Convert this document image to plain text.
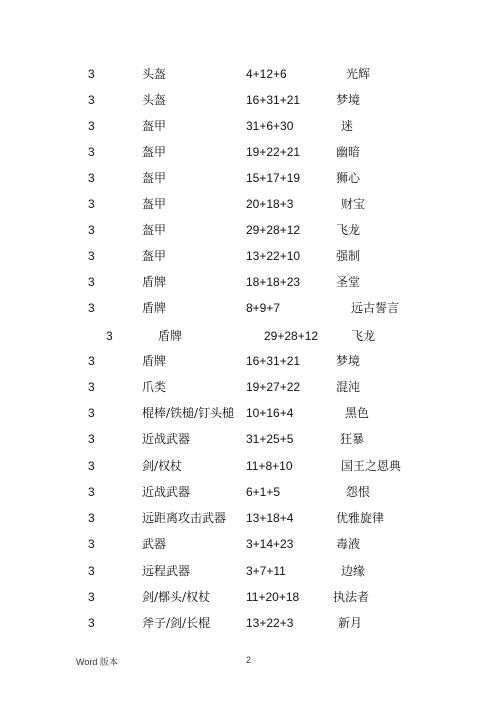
3	头盔	4+12+6	光辉
3	头盔	16+31+21	梦境
3	盔甲	31+6+30	迷
3	盔甲	19+22+21	幽暗
3	盔甲	15+17+19	狮心
3	盔甲	20+18+3	财宝
3	盔甲	29+28+12	飞龙
3	盔甲	13+22+10	强制
3	盾牌	18+18+23	圣堂
3	盾牌	8+9+7	远古誓言
3	盾牌	29+28+12	飞龙
3	盾牌	16+31+21	梦境
3	爪类	19+27+22	混沌
3	棍棒/铁槌/钉头槌 10+16+4	黑色
3	近战武器	31+25+5	狂暴
3	剑/权杖	11+8+10	国王之恩典
3	近战武器	6+1+5	怨恨
3	远距离攻击武器 13+18+4	优雅旋律
3	武器	3+14+23	毒液
3	远程武器	3+7+11	边缘
3	剑/槨头/权杖	11+20+18	执法者
3	斧子/剑/长棍	13+22+3	新月
Word 版本	2
